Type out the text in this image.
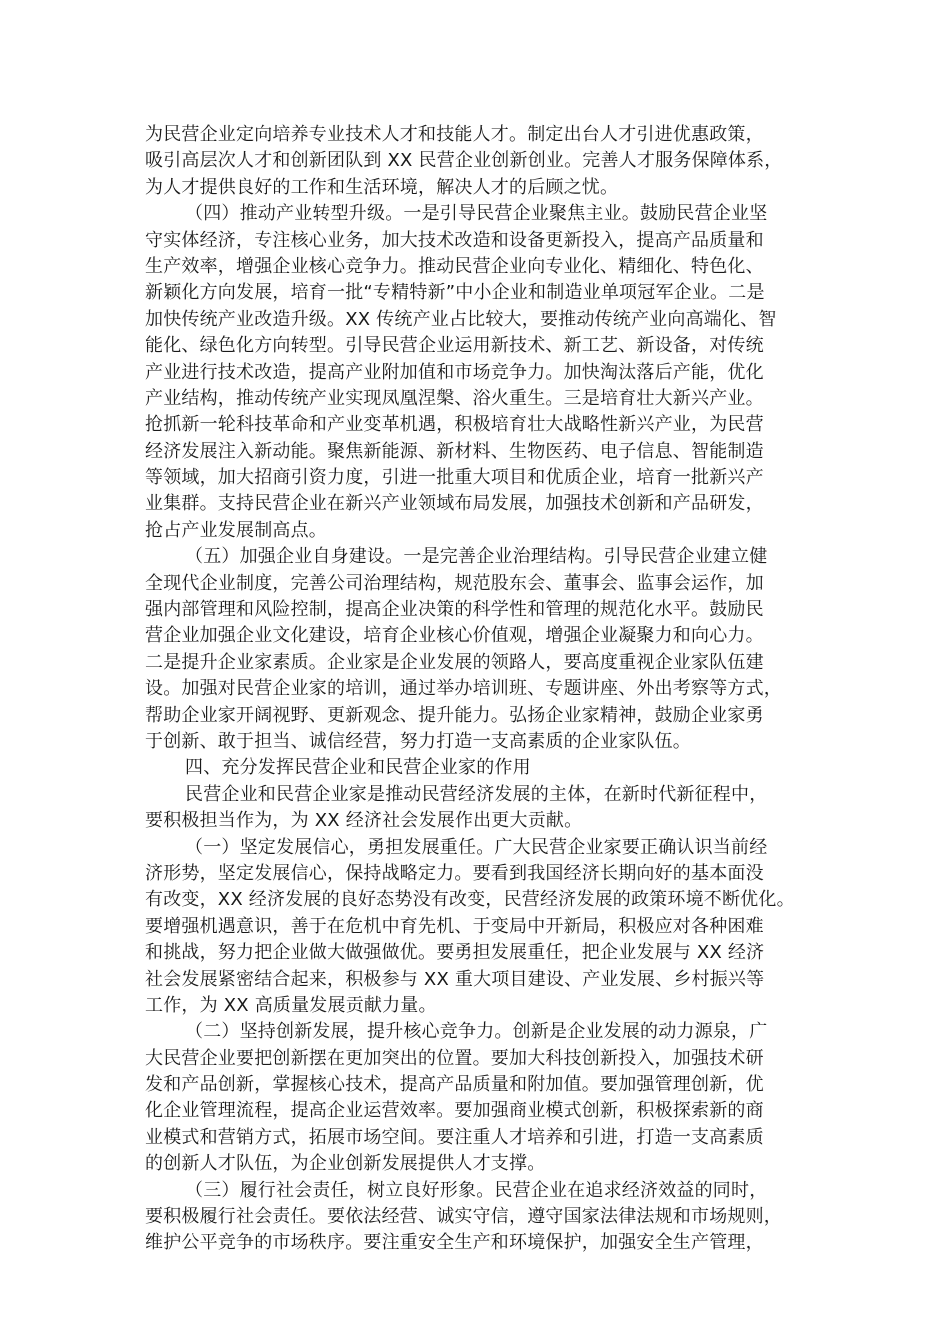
为民营企业定向培养专业技术人才和技能人才。制定出台人才引进优惠政策，
吸引高层次人才和创新团队到 XX 民营企业创新创业。完善人才服务保障体系，
为人才提供良好的工作和生活环境，解决人才的后顾之忧。
（四）推动产业转型升级。一是引导民营企业聚焦主业。鼓励民营企业坚
守实体经济，专注核心业务，加大技术改造和设备更新投入，提高产品质量和
生产效率，增强企业核心竞争力。推动民营企业向专业化、精细化、特色化、
新颖化方向发展，培育一批“专精特新”中小企业和制造业单项冠军企业。二是
加快传统产业改造升级。XX 传统产业占比较大，要推动传统产业向高端化、智
能化、绿色化方向转型。引导民营企业运用新技术、新工艺、新设备，对传统
产业进行技术改造，提高产业附加值和市场竞争力。加快淘汰落后产能，优化
产业结构，推动传统产业实现凤凰涅槃、浴火重生。三是培育壮大新兴产业。
抢抓新一轮科技革命和产业变革机遇，积极培育壮大战略性新兴产业，为民营
经济发展注入新动能。聚焦新能源、新材料、生物医药、电子信息、智能制造
等领域，加大招商引资力度，引进一批重大项目和优质企业，培育一批新兴产
业集群。支持民营企业在新兴产业领域布局发展，加强技术创新和产品研发，
抢占产业发展制高点。
（五）加强企业自身建设。一是完善企业治理结构。引导民营企业建立健
全现代企业制度，完善公司治理结构，规范股东会、董事会、监事会运作，加
强内部管理和风险控制，提高企业决策的科学性和管理的规范化水平。鼓励民
营企业加强企业文化建设，培育企业核心价值观，增强企业凝聚力和向心力。
二是提升企业家素质。企业家是企业发展的领路人，要高度重视企业家队伍建
设。加强对民营企业家的培训，通过举办培训班、专题讲座、外出考察等方式，
帮助企业家开阔视野、更新观念、提升能力。弘扬企业家精神，鼓励企业家勇
于创新、敢于担当、诚信经营，努力打造一支高素质的企业家队伍。
四、充分发挥民营企业和民营企业家的作用
民营企业和民营企业家是推动民营经济发展的主体，在新时代新征程中，
要积极担当作为，为 XX 经济社会发展作出更大贡献。
（一）坚定发展信心，勇担发展重任。广大民营企业家要正确认识当前经
济形势，坚定发展信心，保持战略定力。要看到我国经济长期向好的基本面没
有改变，XX 经济发展的良好态势没有改变，民营经济发展的政策环境不断优化。
要增强机遇意识，善于在危机中育先机、于变局中开新局，积极应对各种困难
和挑战，努力把企业做大做强做优。要勇担发展重任，把企业发展与 XX 经济
社会发展紧密结合起来，积极参与 XX 重大项目建设、产业发展、乡村振兴等
工作，为 XX 高质量发展贡献力量。
（二）坚持创新发展，提升核心竞争力。创新是企业发展的动力源泉，广
大民营企业要把创新摆在更加突出的位置。要加大科技创新投入，加强技术研
发和产品创新，掌握核心技术，提高产品质量和附加值。要加强管理创新，优
化企业管理流程，提高企业运营效率。要加强商业模式创新，积极探索新的商
业模式和营销方式，拓展市场空间。要注重人才培养和引进，打造一支高素质
的创新人才队伍，为企业创新发展提供人才支撑。
（三）履行社会责任，树立良好形象。民营企业在追求经济效益的同时，
要积极履行社会责任。要依法经营、诚实守信，遵守国家法律法规和市场规则，
维护公平竞争的市场秩序。要注重安全生产和环境保护，加强安全生产管理，
